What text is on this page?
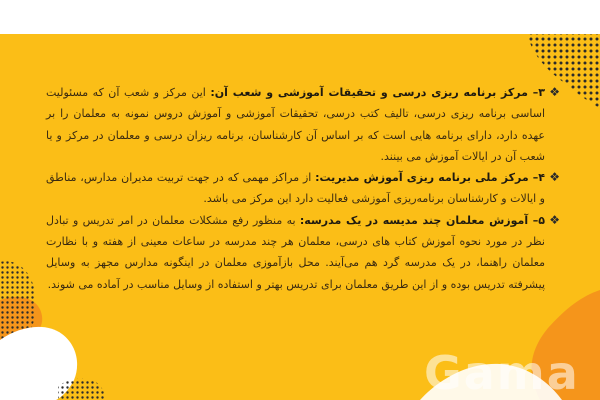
❖
۳– مرکز برنامه ریزی درسی و تحقیقات آموزشی و شعب آن: این مرکز و شعب آن که مسئولیت اساسی برنامه ریزی درسی، تالیف کتب درسی، تحقیقات آموزشی و آموزش دروس نمونه به معلمان را بر عهده دارد، دارای برنامه هایی است که بر اساس آن کارشناسان، برنامه ریزان درسی و معلمان در مرکز و یا شعب آن در ایالات آموزش می بینند.

❖
۴– مرکز ملی برنامه ریزی آموزش مدیریت: از مراکز مهمی که در جهت تربیت مدیران مدارس، مناطق و ایالات و کارشناسان برنامه‌ریزی آموزشی فعالیت دارد این مرکز می باشد.

❖
۵– آموزش معلمان چند مدیسه در یک مدرسه: به منظور رفع مشکلات معلمان در امر تدریس و تبادل نظر در مورد نحوه آموزش کتاب های درسی، معلمان هر چند مدرسه در ساعات معینی از هفته و با نظارت معلمان راهنما، در یک مدرسه گرد هم می‌آیند. محل بازآموزی معلمان در اینگونه مدارس مجهز به وسایل پیشرفته تدریس بوده و از این طریق معلمان برای تدریس بهتر و استفاده از وسایل مناسب در آماده می شوند.

Gama
